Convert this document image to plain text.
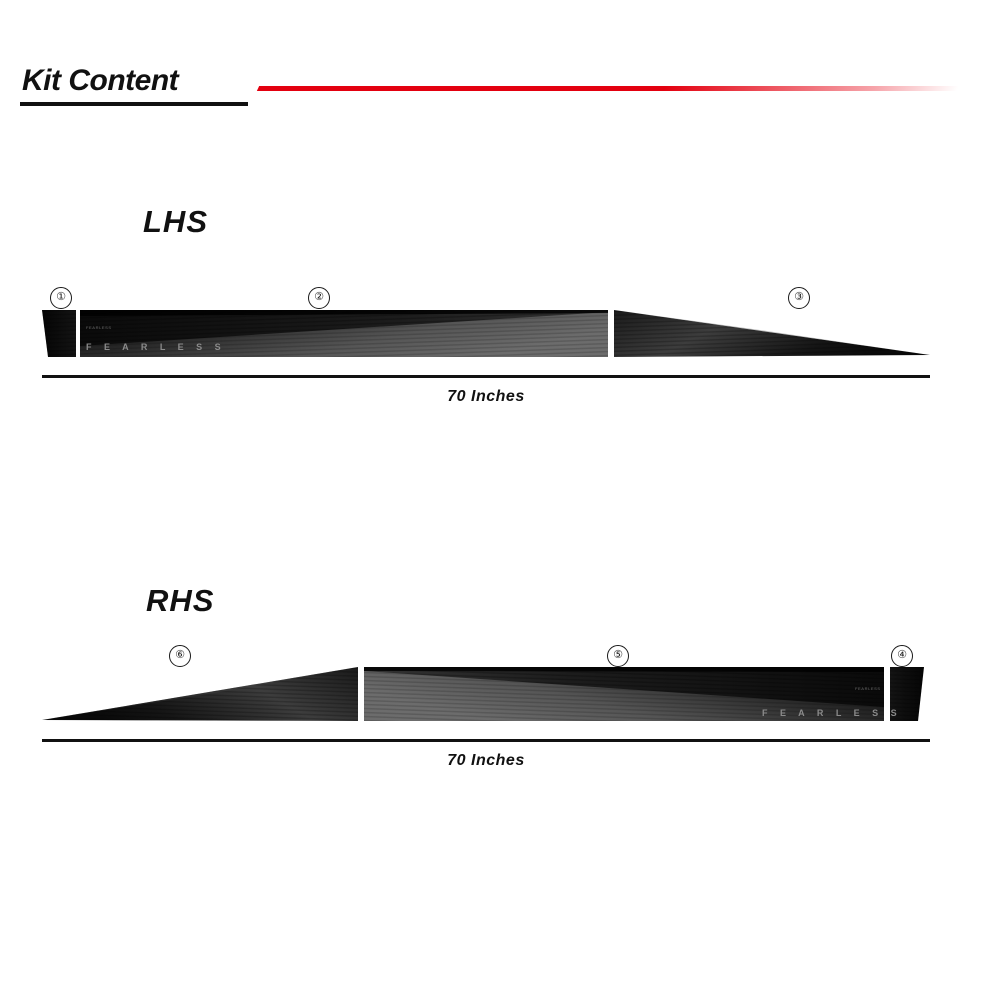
Kit Content
LHS
①	②	③
F E A R L E S S
FEARLESS
70 Inches
RHS
⑥	⑤	④
F E A R L E S S
FEARLESS
70 Inches
